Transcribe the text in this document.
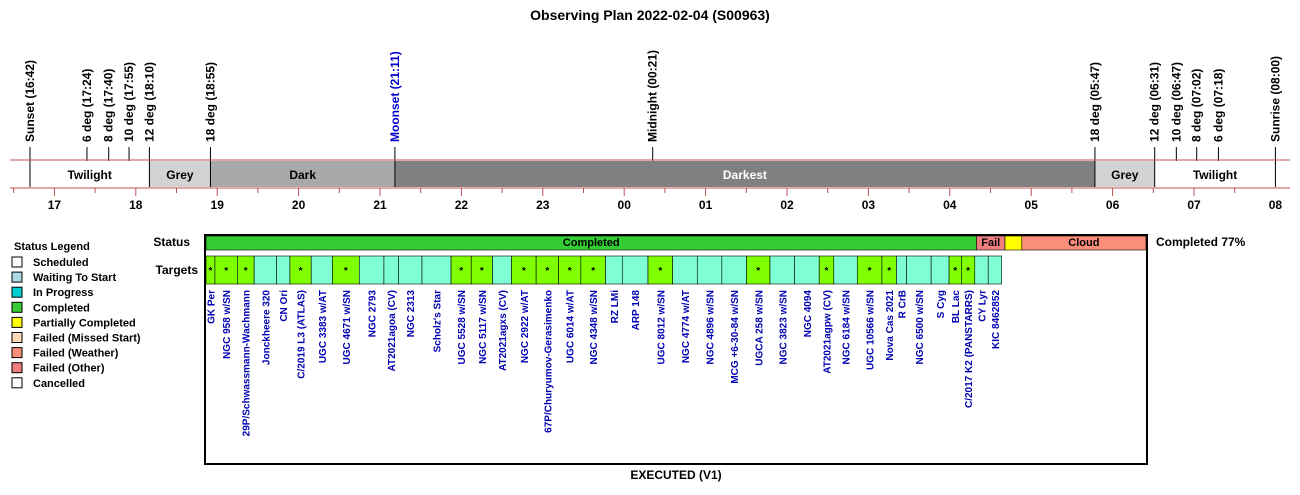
Observing Plan 2022-02-04 (S00963)
Sunset (16:42)	6 deg (17:24) 8 deg (17:40) 10 deg (17:55) 12 deg (18:10)	18 deg (18:55)	Moonset (21:11)	Midnight (00:21)	18 deg (05:47)	12 deg (06:31) 10 deg (06:47) 8 deg (07:02) 6 deg (07:18)	Sunrise (08:00)
Twilight	Grey	Dark	Darkest	Grey	Twilight
17	18	19	20	21	22	23	00	01	02	03	04	05	06	07	08
Status Legend
Scheduled
Waiting To Start
In Progress
Completed
Partially Completed
Failed (Missed Start)
Failed (Weather)
Failed (Other)
Cancelled
Status
Targets
Completed	Fail	Cloud	Completed 77%
*
GK Per
*
NGC 958 w/SN
*
29P/Schwassmann-Wachmann Jonckheere 320 CN Ori
*
C/2019 L3 (ATLAS) UGC 3383 w/AT
*
UGC 4671 w/SN NGC 2793 AT2021agoa (CV) NGC 2313 Scholz's Star
*
UGC 5528 w/SN
*
NGC 5117 w/SN AT2021agxs (CV)
*
NGC 2922 w/AT
*
67P/Churyumov-Gerasimenko
*
UGC 6014 w/AT
*
NGC 4348 w/SN RZ LMi ARP 148
*
UGC 8012 w/SN NGC 4774 w/AT NGC 4896 w/SN MCG +6-30-84 w/SN
*
UGCA 258 w/SN NGC 3823 w/SN NGC 4094
*
AT2021agpw (CV) NGC 6184 w/SN
*
UGC 10566 w/SN
*
Nova Cas 2021 R CrB NGC 6500 w/SN S Cyg
*
BL Lac
*
C/2017 K2 (PANSTARRS) CY Lyr KIC 8462852
EXECUTED (V1)
